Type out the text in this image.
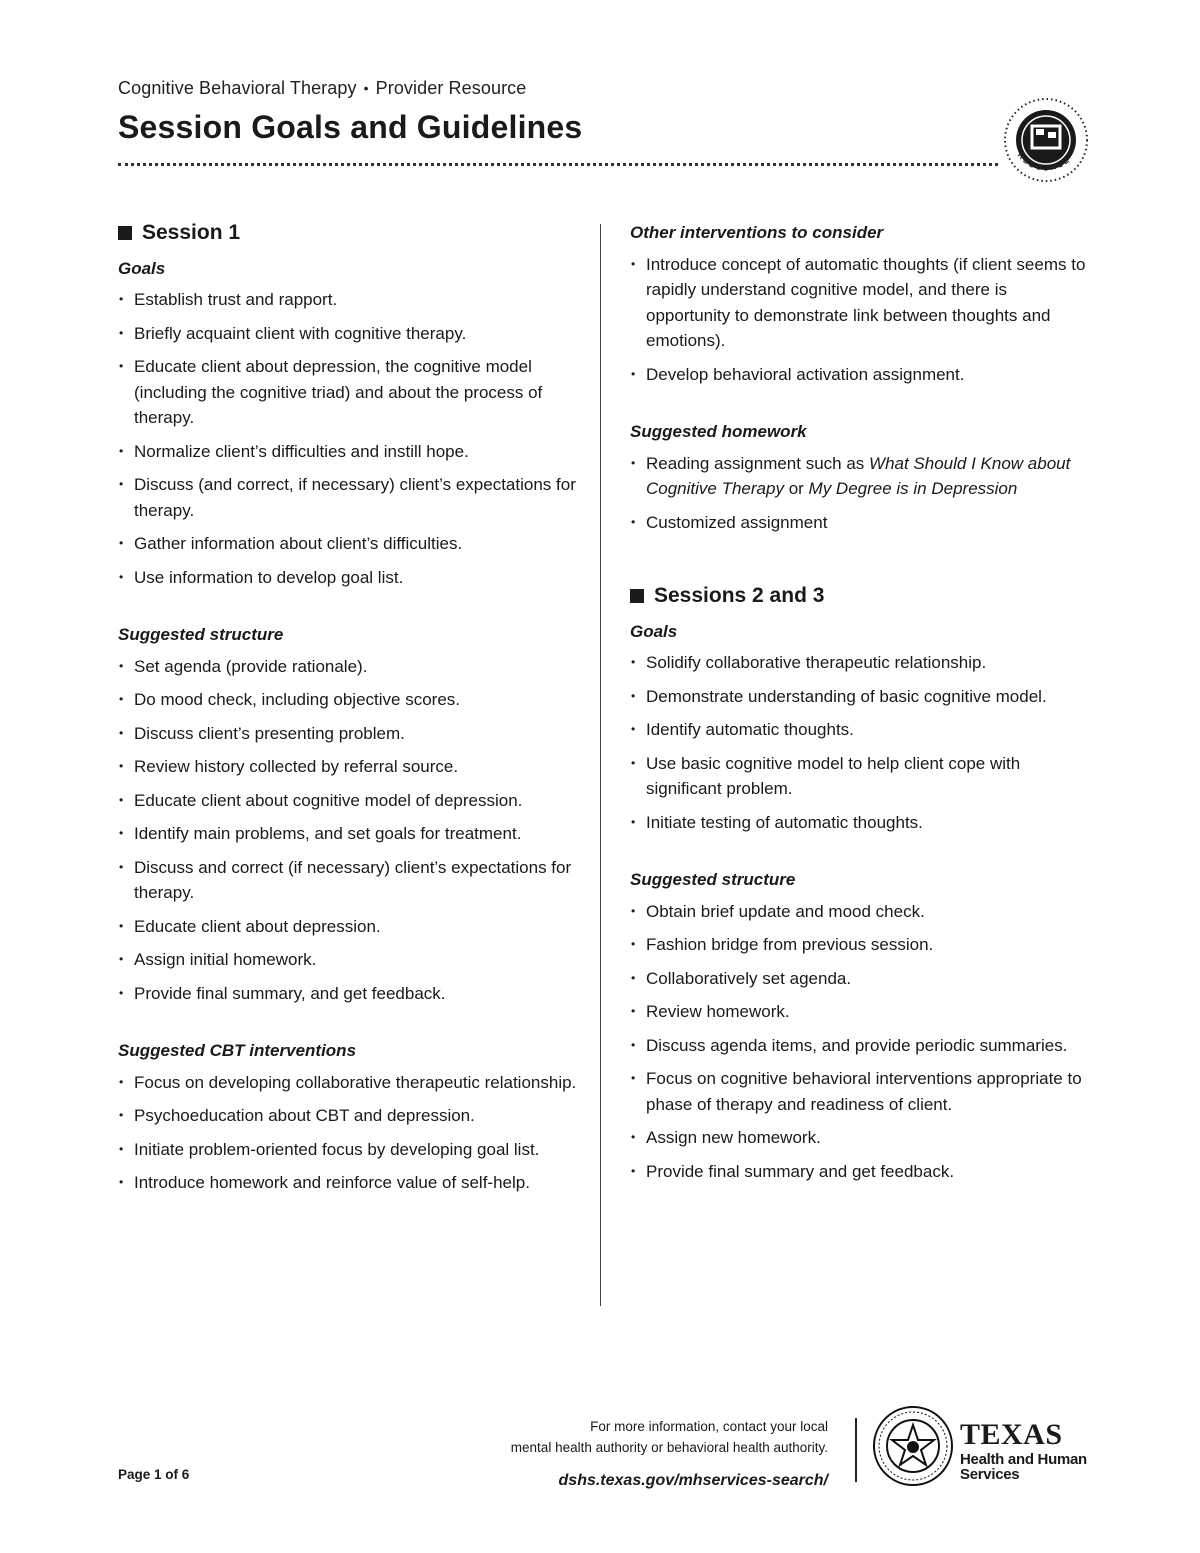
Cognitive Behavioral Therapy • Provider Resource
Session Goals and Guidelines
RESOURCE
Session 1
Goals
• Establish trust and rapport.
• Briefly acquaint client with cognitive therapy.
• Educate client about depression, the cognitive model (including the cognitive triad) and about the process of therapy.
• Normalize client’s difficulties and instill hope.
• Discuss (and correct, if necessary) client’s expectations for therapy.
• Gather information about client’s difficulties.
• Use information to develop goal list.
Suggested structure
• Set agenda (provide rationale).
• Do mood check, including objective scores.
• Discuss client’s presenting problem.
• Review history collected by referral source.
• Educate client about cognitive model of depression.
• Identify main problems, and set goals for treatment.
• Discuss and correct (if necessary) client’s expectations for therapy.
• Educate client about depression.
• Assign initial homework.
• Provide final summary, and get feedback.
Suggested CBT interventions
• Focus on developing collaborative therapeutic relationship.
• Psychoeducation about CBT and depression.
• Initiate problem-oriented focus by developing goal list.
• Introduce homework and reinforce value of self-help.
Other interventions to consider
• Introduce concept of automatic thoughts (if client seems to rapidly understand cognitive model, and there is opportunity to demonstrate link between thoughts and emotions).
• Develop behavioral activation assignment.
Suggested homework
• Reading assignment such as What Should I Know about Cognitive Therapy or My Degree is in Depression
• Customized assignment
Sessions 2 and 3
Goals
• Solidify collaborative therapeutic relationship.
• Demonstrate understanding of basic cognitive model.
• Identify automatic thoughts.
• Use basic cognitive model to help client cope with significant problem.
• Initiate testing of automatic thoughts.
Suggested structure
• Obtain brief update and mood check.
• Fashion bridge from previous session.
• Collaboratively set agenda.
• Review homework.
• Discuss agenda items, and provide periodic summaries.
• Focus on cognitive behavioral interventions appropriate to phase of therapy and readiness of client.
• Assign new homework.
• Provide final summary and get feedback.
Page 1 of 6
For more information, contact your local
mental health authority or behavioral health authority.
dshs.texas.gov/mhservices-search/
TEXAS
Health and Human
Services
